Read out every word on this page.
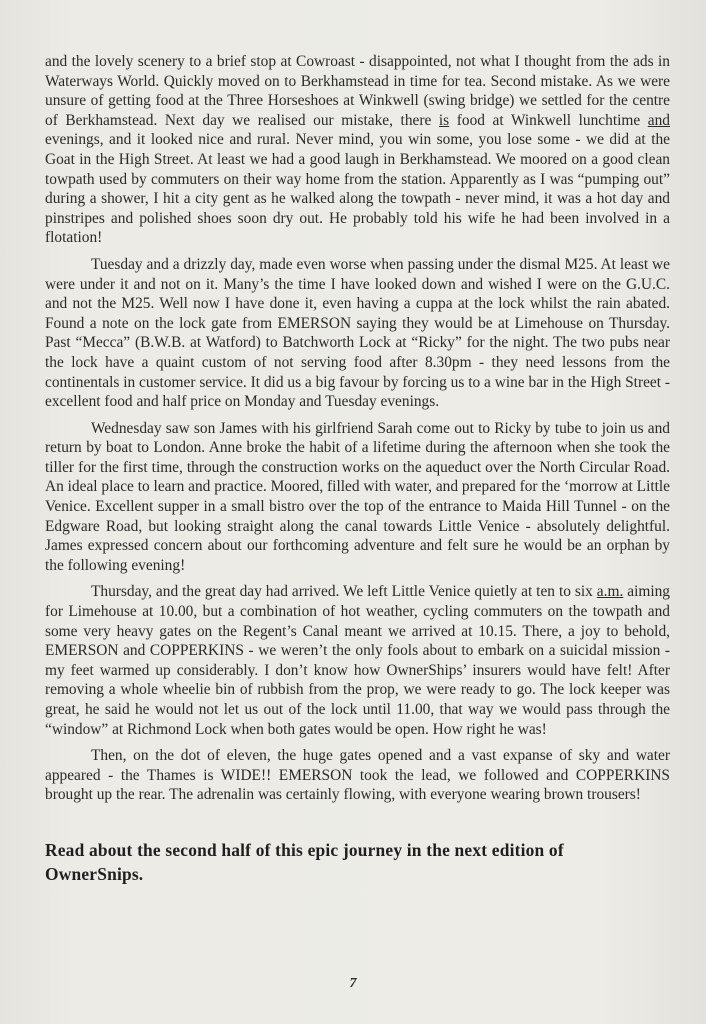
and the lovely scenery to a brief stop at Cowroast - disappointed, not what I thought from the ads in Waterways World. Quickly moved on to Berkhamstead in time for tea. Second mistake. As we were unsure of getting food at the Three Horseshoes at Winkwell (swing bridge) we settled for the centre of Berkhamstead. Next day we realised our mistake, there is food at Winkwell lunchtime and evenings, and it looked nice and rural. Never mind, you win some, you lose some - we did at the Goat in the High Street. At least we had a good laugh in Berkhamstead. We moored on a good clean towpath used by commuters on their way home from the station. Apparently as I was “pumping out” during a shower, I hit a city gent as he walked along the towpath - never mind, it was a hot day and pinstripes and polished shoes soon dry out. He probably told his wife he had been involved in a flotation!

Tuesday and a drizzly day, made even worse when passing under the dismal M25. At least we were under it and not on it. Many’s the time I have looked down and wished I were on the G.U.C. and not the M25. Well now I have done it, even having a cuppa at the lock whilst the rain abated. Found a note on the lock gate from EMERSON saying they would be at Limehouse on Thursday. Past “Mecca” (B.W.B. at Watford) to Batchworth Lock at “Ricky” for the night. The two pubs near the lock have a quaint custom of not serving food after 8.30pm - they need lessons from the continentals in customer service. It did us a big favour by forcing us to a wine bar in the High Street - excellent food and half price on Monday and Tuesday evenings.

Wednesday saw son James with his girlfriend Sarah come out to Ricky by tube to join us and return by boat to London. Anne broke the habit of a lifetime during the afternoon when she took the tiller for the first time, through the construction works on the aqueduct over the North Circular Road. An ideal place to learn and practice. Moored, filled with water, and prepared for the ‘morrow at Little Venice. Excellent supper in a small bistro over the top of the entrance to Maida Hill Tunnel - on the Edgware Road, but looking straight along the canal towards Little Venice - absolutely delightful. James expressed concern about our forthcoming adventure and felt sure he would be an orphan by the following evening!

Thursday, and the great day had arrived. We left Little Venice quietly at ten to six a.m. aiming for Limehouse at 10.00, but a combination of hot weather, cycling commuters on the towpath and some very heavy gates on the Regent’s Canal meant we arrived at 10.15. There, a joy to behold, EMERSON and COPPERKINS - we weren’t the only fools about to embark on a suicidal mission - my feet warmed up considerably. I don’t know how OwnerShips’ insurers would have felt! After removing a whole wheelie bin of rubbish from the prop, we were ready to go. The lock keeper was great, he said he would not let us out of the lock until 11.00, that way we would pass through the “window” at Richmond Lock when both gates would be open. How right he was!

Then, on the dot of eleven, the huge gates opened and a vast expanse of sky and water appeared - the Thames is WIDE!! EMERSON took the lead, we followed and COPPERKINS brought up the rear. The adrenalin was certainly flowing, with everyone wearing brown trousers!

Read about the second half of this epic journey in the next edition of OwnerSnips.
7
